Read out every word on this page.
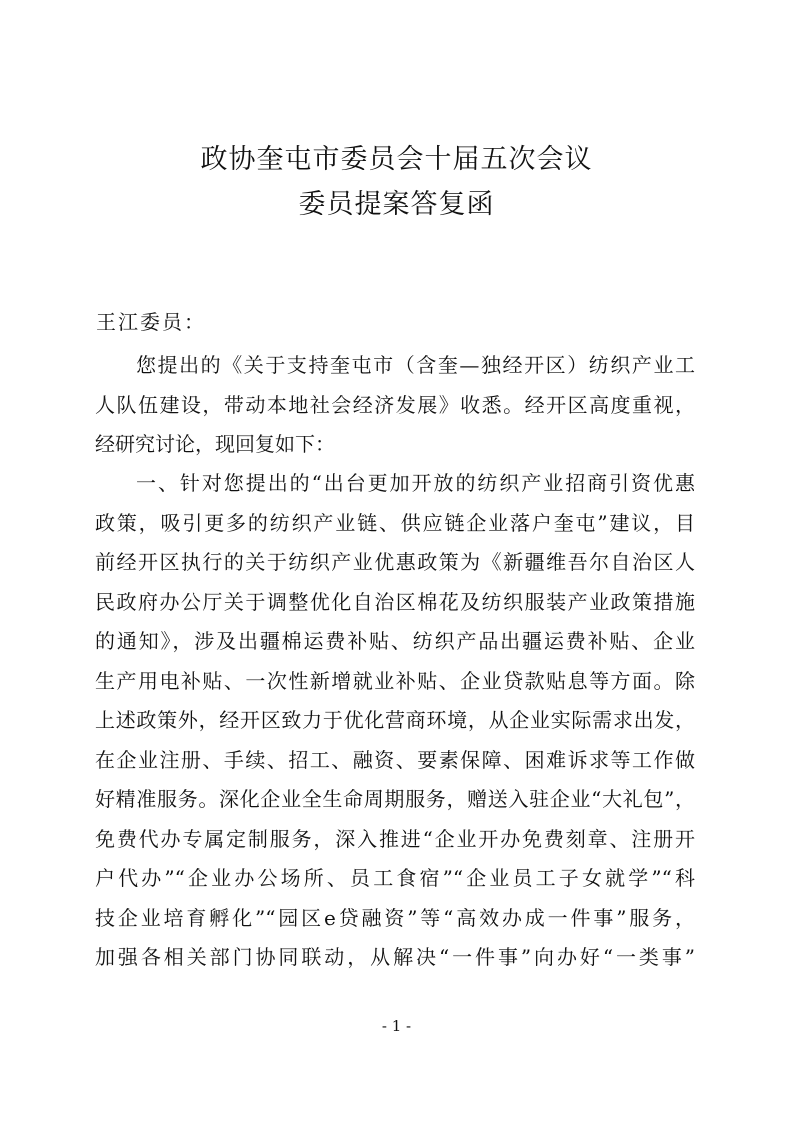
政协奎屯市委员会十届五次会议
委员提案答复函
王江委员：
您提出的《关于支持奎屯市（含奎—独经开区）纺织产业工
人队伍建设，带动本地社会经济发展》收悉。经开区高度重视，
经研究讨论，现回复如下：
一、针对您提出的“出台更加开放的纺织产业招商引资优惠
政策，吸引更多的纺织产业链、供应链企业落户奎屯”建议，目
前经开区执行的关于纺织产业优惠政策为《新疆维吾尔自治区人
民政府办公厅关于调整优化自治区棉花及纺织服装产业政策措施
的通知》，涉及出疆棉运费补贴、纺织产品出疆运费补贴、企业
生产用电补贴、一次性新增就业补贴、企业贷款贴息等方面。除
上述政策外，经开区致力于优化营商环境，从企业实际需求出发，
在企业注册、手续、招工、融资、要素保障、困难诉求等工作做
好精准服务。深化企业全生命周期服务，赠送入驻企业“大礼包”，
免费代办专属定制服务，深入推进“企业开办免费刻章、注册开
户代办”“企业办公场所、员工食宿”“企业员工子女就学”“科
技企业培育孵化”“园区e贷融资”等“高效办成一件事”服务，
加强各相关部门协同联动，从解决“一件事”向办好“一类事”
- 1 -
